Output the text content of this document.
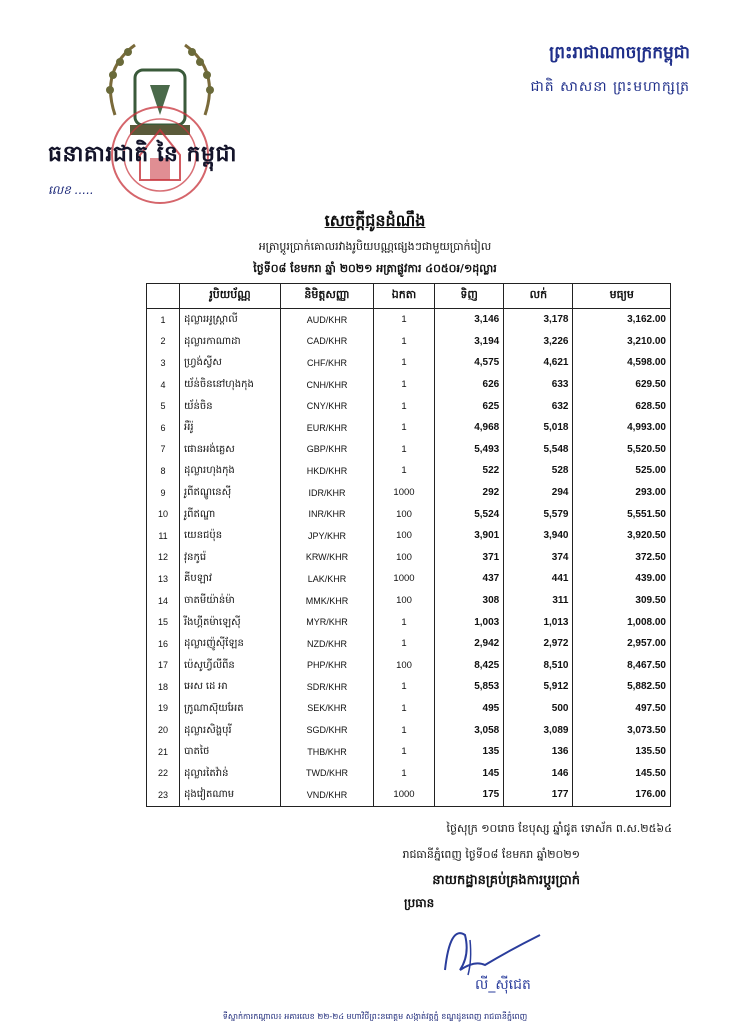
ព្រះរាជាណាចក្រកម្ពុជា
ជាតិ សាសនា ព្រះមហាក្សត្រ
ធនាគារជាតិ នៃ កម្ពុជា
លេខ .....
សេចក្តីជូនដំណឹង
អត្រាប្តូរប្រាក់គោលរវាងរូបិយបណ្ណផ្សេងៗជាមួយប្រាក់រៀល
ថ្ងៃទី០៨ ខែមករា ឆ្នាំ ២០២១ អត្រាផ្លូវការ ៤០៥០៛/១ដុល្លារ
	រូបិយប័ណ្ណ	និមិត្តសញ្ញា	ឯកតា	ទិញ	លក់	មធ្យម
1	ដុល្លារអូស្ត្រាលី	AUD/KHR	1	3,146	3,178	3,162.00
2	ដុល្លារកាណាដា	CAD/KHR	1	3,194	3,226	3,210.00
3	ហ្វ្រង់ស្វីស	CHF/KHR	1	4,575	4,621	4,598.00
4	យ័ន់ចិននៅហុងកុង	CNH/KHR	1	626	633	629.50
5	យ័ន់ចិន	CNY/KHR	1	625	632	628.50
6	អឺរ៉ូ	EUR/KHR	1	4,968	5,018	4,993.00
7	ផោនអង់គ្លេស	GBP/KHR	1	5,493	5,548	5,520.50
8	ដុល្លារហុងកុង	HKD/KHR	1	522	528	525.00
9	រូពីឥណ្ឌូនេស៊ី	IDR/KHR	1000	292	294	293.00
10	រូពីឥណ្ឌា	INR/KHR	100	5,524	5,579	5,551.50
11	យេនជប៉ុន	JPY/KHR	100	3,901	3,940	3,920.50
12	វុនកូរ៉េ	KRW/KHR	100	371	374	372.50
13	គីបឡាវ	LAK/KHR	1000	437	441	439.00
14	ចាតមីយ៉ាន់ម៉ា	MMK/KHR	100	308	311	309.50
15	រីងហ្គីតម៉ាឡេស៊ី	MYR/KHR	1	1,003	1,013	1,008.00
16	ដុល្លារញ៉ូស៊ីឡែន	NZD/KHR	1	2,942	2,972	2,957.00
17	ប៉េសូហ្វីលីពីន	PHP/KHR	100	8,425	8,510	8,467.50
18	អេស ដេ អា	SDR/KHR	1	5,853	5,912	5,882.50
19	ក្រូណាស៊ុយអែត	SEK/KHR	1	495	500	497.50
20	ដុល្លារសិង្ហបុរី	SGD/KHR	1	3,058	3,089	3,073.50
21	បាតថៃ	THB/KHR	1	135	136	135.50
22	ដុល្លារតៃវ៉ាន់	TWD/KHR	1	145	146	145.50
23	ដុងវៀតណាម	VND/KHR	1000	175	177	176.00
ថ្ងៃសុក្រ ១០រោច ខែបុស្ស ឆ្នាំជូត ទោស័ក ព.ស.២៥៦៤
រាជធានីភ្នំពេញ ថ្ងៃទី០៨ ខែមករា ឆ្នាំ២០២១
នាយកដ្ឋានគ្រប់គ្រងការប្តូរប្រាក់
ប្រធាន
លី_ស៊ីជេត
ទីស្នាក់ការកណ្តាល៖ អគារលេខ ២២-២៤ មហាវិថីព្រះនរោត្តម សង្កាត់វត្តភ្នំ ខណ្ឌដូនពេញ រាជធានីភ្នំពេញ
